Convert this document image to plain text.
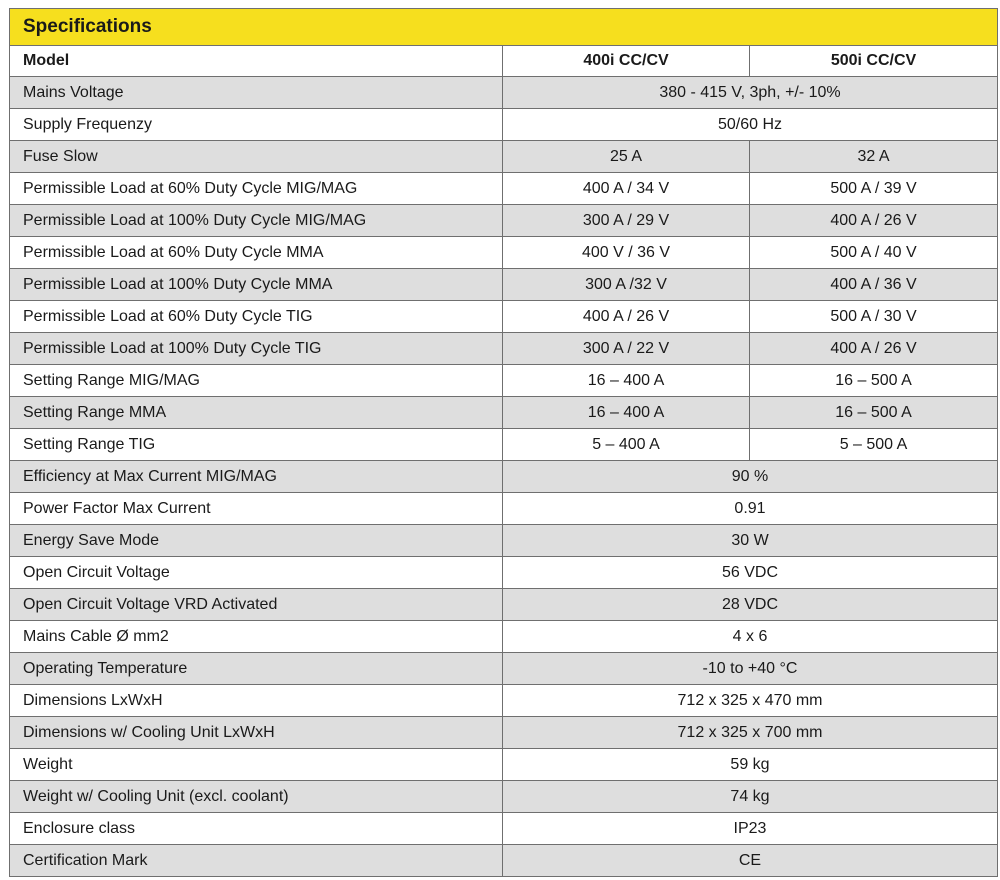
Specifications		
Model	400i CC/CV	500i CC/CV
Mains Voltage	380 - 415 V, 3ph, +/- 10%	
Supply Frequenzy	50/60 Hz	
Fuse Slow	25 A	32 A
Permissible Load at 60% Duty Cycle MIG/MAG	400 A / 34 V	500 A / 39 V
Permissible Load at 100% Duty Cycle MIG/MAG	300 A / 29 V	400 A / 26 V
Permissible Load at 60% Duty Cycle MMA	400 V / 36 V	500 A / 40 V
Permissible Load at 100% Duty Cycle MMA	300 A /32 V	400 A / 36 V
Permissible Load at 60% Duty Cycle TIG	400 A / 26 V	500 A / 30 V
Permissible Load at 100% Duty Cycle TIG	300 A / 22 V	400 A / 26 V
Setting Range MIG/MAG	16 – 400 A	16 – 500 A
Setting Range MMA	16 – 400 A	16 – 500 A
Setting Range TIG	5 – 400 A	5 – 500 A
Efficiency at Max Current MIG/MAG	90 %	
Power Factor Max Current	0.91	
Energy Save Mode	30 W	
Open Circuit Voltage	56 VDC	
Open Circuit Voltage VRD Activated	28 VDC	
Mains Cable Ø mm2	4 x 6	
Operating Temperature	-10 to +40 °C	
Dimensions LxWxH	712 x 325 x 470 mm	
Dimensions w/ Cooling Unit LxWxH	712 x 325 x 700 mm	
Weight	59 kg	
Weight w/ Cooling Unit (excl. coolant)	74 kg	
Enclosure class	IP23	
Certification Mark	CE	
